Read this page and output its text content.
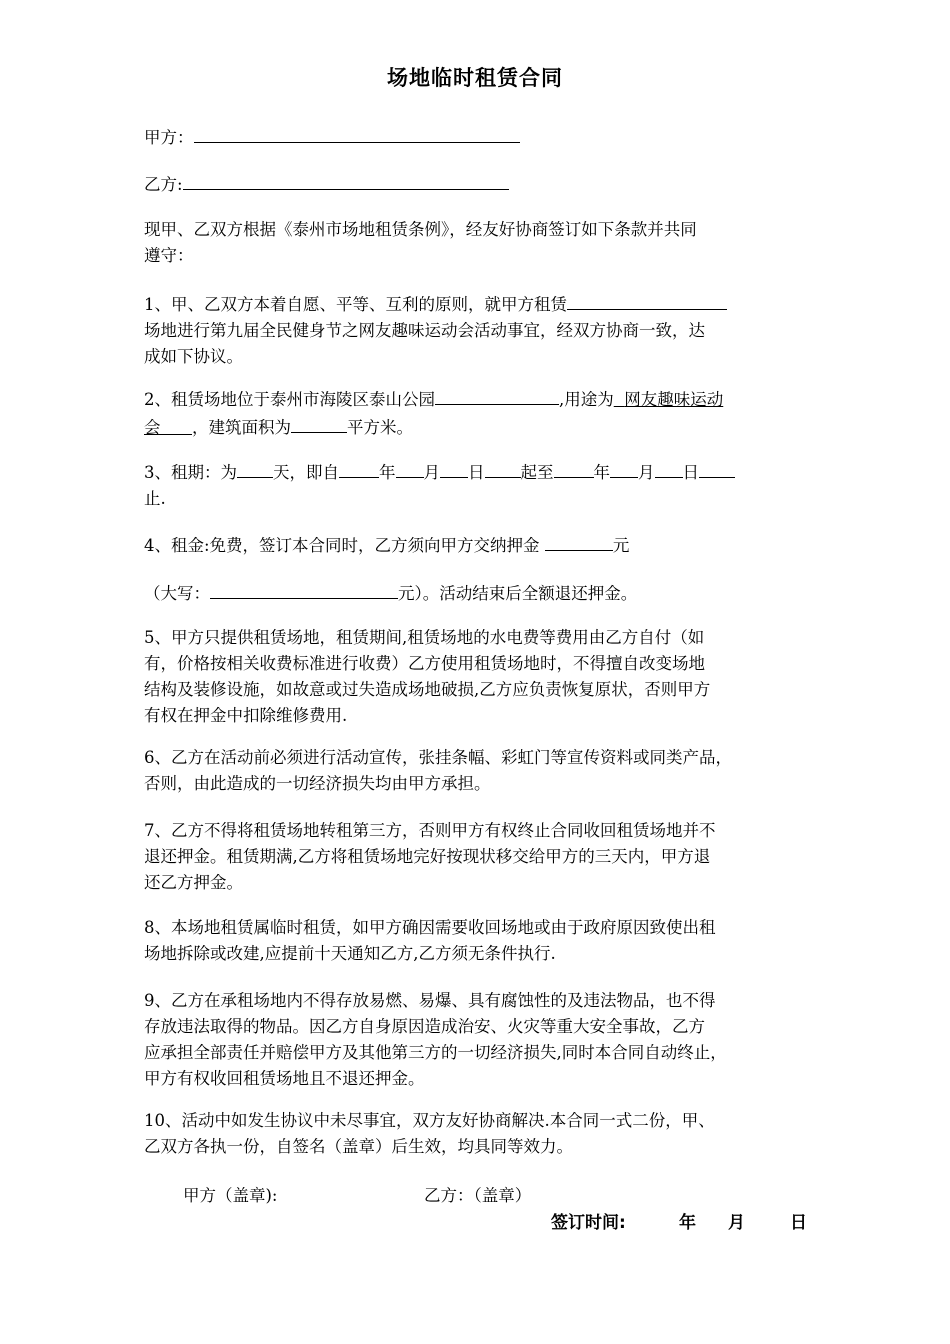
场地临时租赁合同
甲方：
乙方:
现甲、乙双方根据《泰州市场地租赁条例》，经友好协商签订如下条款并共同
遵守：
1、甲、乙双方本着自愿、平等、互利的原则，就甲方租赁
场地进行第九届全民健身节之网友趣味运动会活动事宜，经双方协商一致，达
成如下协议。
2、租赁场地位于泰州市海陵区泰山公园	,用途为 网友趣味运动
会 ，建筑面积为	平方米。
3、租期：为 天，即自 年 月 日 起至 年 月 日
止.
4、租金:免费，签订本合同时，乙方须向甲方交纳押金	元
（大写：	元）。活动结束后全额退还押金。
5、甲方只提供租赁场地，租赁期间,租赁场地的水电费等费用由乙方自付（如
有，价格按相关收费标准进行收费）乙方使用租赁场地时，不得擅自改变场地
结构及装修设施，如故意或过失造成场地破损,乙方应负责恢复原状，否则甲方
有权在押金中扣除维修费用.
6、乙方在活动前必须进行活动宣传，张挂条幅、彩虹门等宣传资料或同类产品，
否则，由此造成的一切经济损失均由甲方承担。
7、乙方不得将租赁场地转租第三方，否则甲方有权终止合同收回租赁场地并不
退还押金。租赁期满,乙方将租赁场地完好按现状移交给甲方的三天内，甲方退
还乙方押金。
8、本场地租赁属临时租赁，如甲方确因需要收回场地或由于政府原因致使出租
场地拆除或改建,应提前十天通知乙方,乙方须无条件执行.
9、乙方在承租场地内不得存放易燃、易爆、具有腐蚀性的及违法物品，也不得
存放违法取得的物品。因乙方自身原因造成治安、火灾等重大安全事故，乙方
应承担全部责任并赔偿甲方及其他第三方的一切经济损失,同时本合同自动终止，
甲方有权收回租赁场地且不退还押金。
10、活动中如发生协议中未尽事宜，双方友好协商解决.本合同一式二份，甲、
乙双方各执一份，自签名（盖章）后生效，均具同等效力。
甲方（盖章):	乙方：（盖章）
签订时间:	年 月	日
